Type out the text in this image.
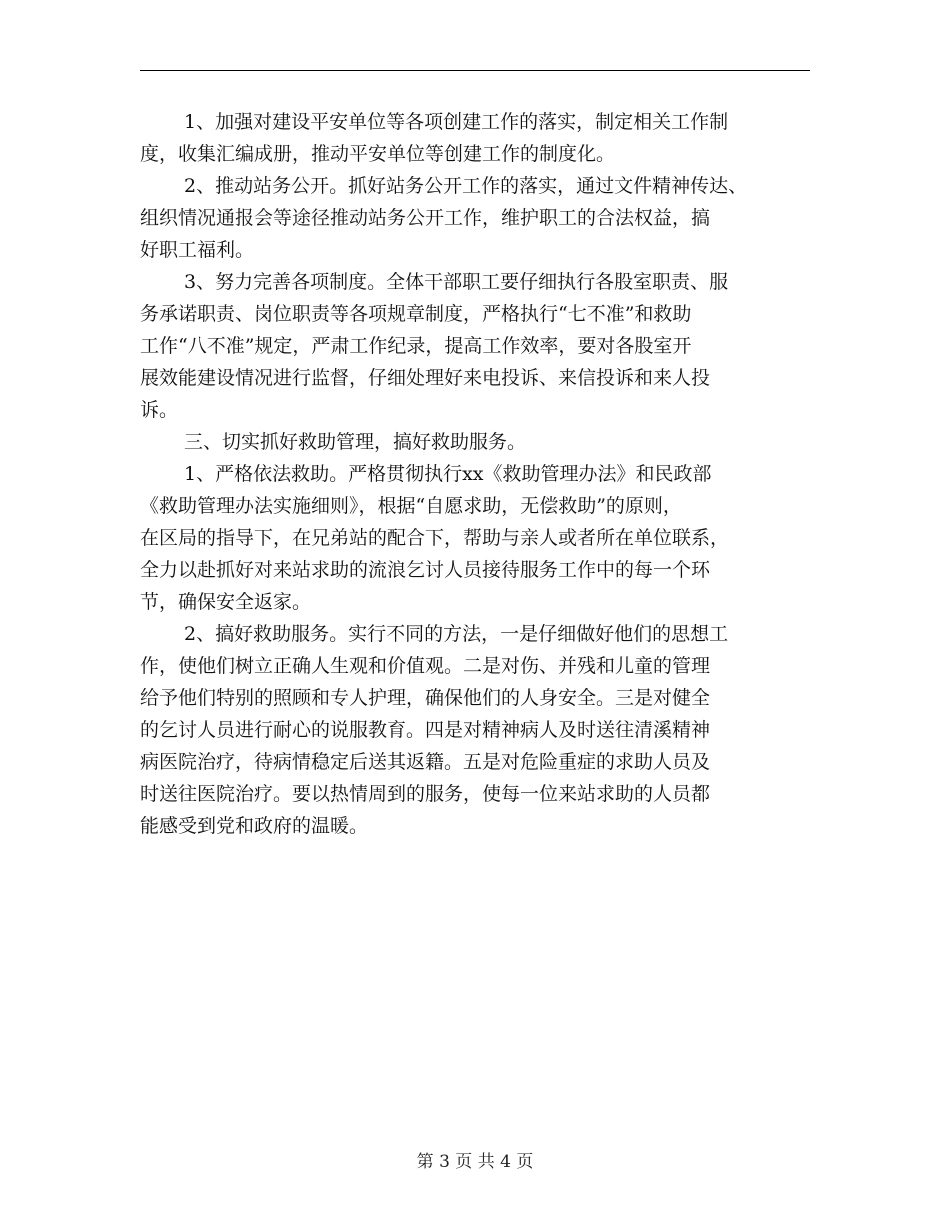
1、加强对建设平安单位等各项创建工作的落实，制定相关工作制
度，收集汇编成册，推动平安单位等创建工作的制度化。

2、推动站务公开。抓好站务公开工作的落实，通过文件精神传达、
组织情况通报会等途径推动站务公开工作，维护职工的合法权益，搞
好职工福利。

3、努力完善各项制度。全体干部职工要仔细执行各股室职责、服
务承诺职责、岗位职责等各项规章制度，严格执行“七不准”和救助
工作“八不准”规定，严肃工作纪录，提高工作效率，要对各股室开
展效能建设情况进行监督，仔细处理好来电投诉、来信投诉和来人投
诉。

三、切实抓好救助管理，搞好救助服务。

1、严格依法救助。严格贯彻执行xx《救助管理办法》和民政部
《救助管理办法实施细则》，根据“自愿求助，无偿救助”的原则，
在区局的指导下，在兄弟站的配合下，帮助与亲人或者所在单位联系，
全力以赴抓好对来站求助的流浪乞讨人员接待服务工作中的每一个环
节，确保安全返家。

2、搞好救助服务。实行不同的方法，一是仔细做好他们的思想工
作，使他们树立正确人生观和价值观。二是对伤、并残和儿童的管理
给予他们特别的照顾和专人护理，确保他们的人身安全。三是对健全
的乞讨人员进行耐心的说服教育。四是对精神病人及时送往清溪精神
病医院治疗，待病情稳定后送其返籍。五是对危险重症的求助人员及
时送往医院治疗。要以热情周到的服务，使每一位来站求助的人员都
能感受到党和政府的温暖。

第 3 页 共 4 页
